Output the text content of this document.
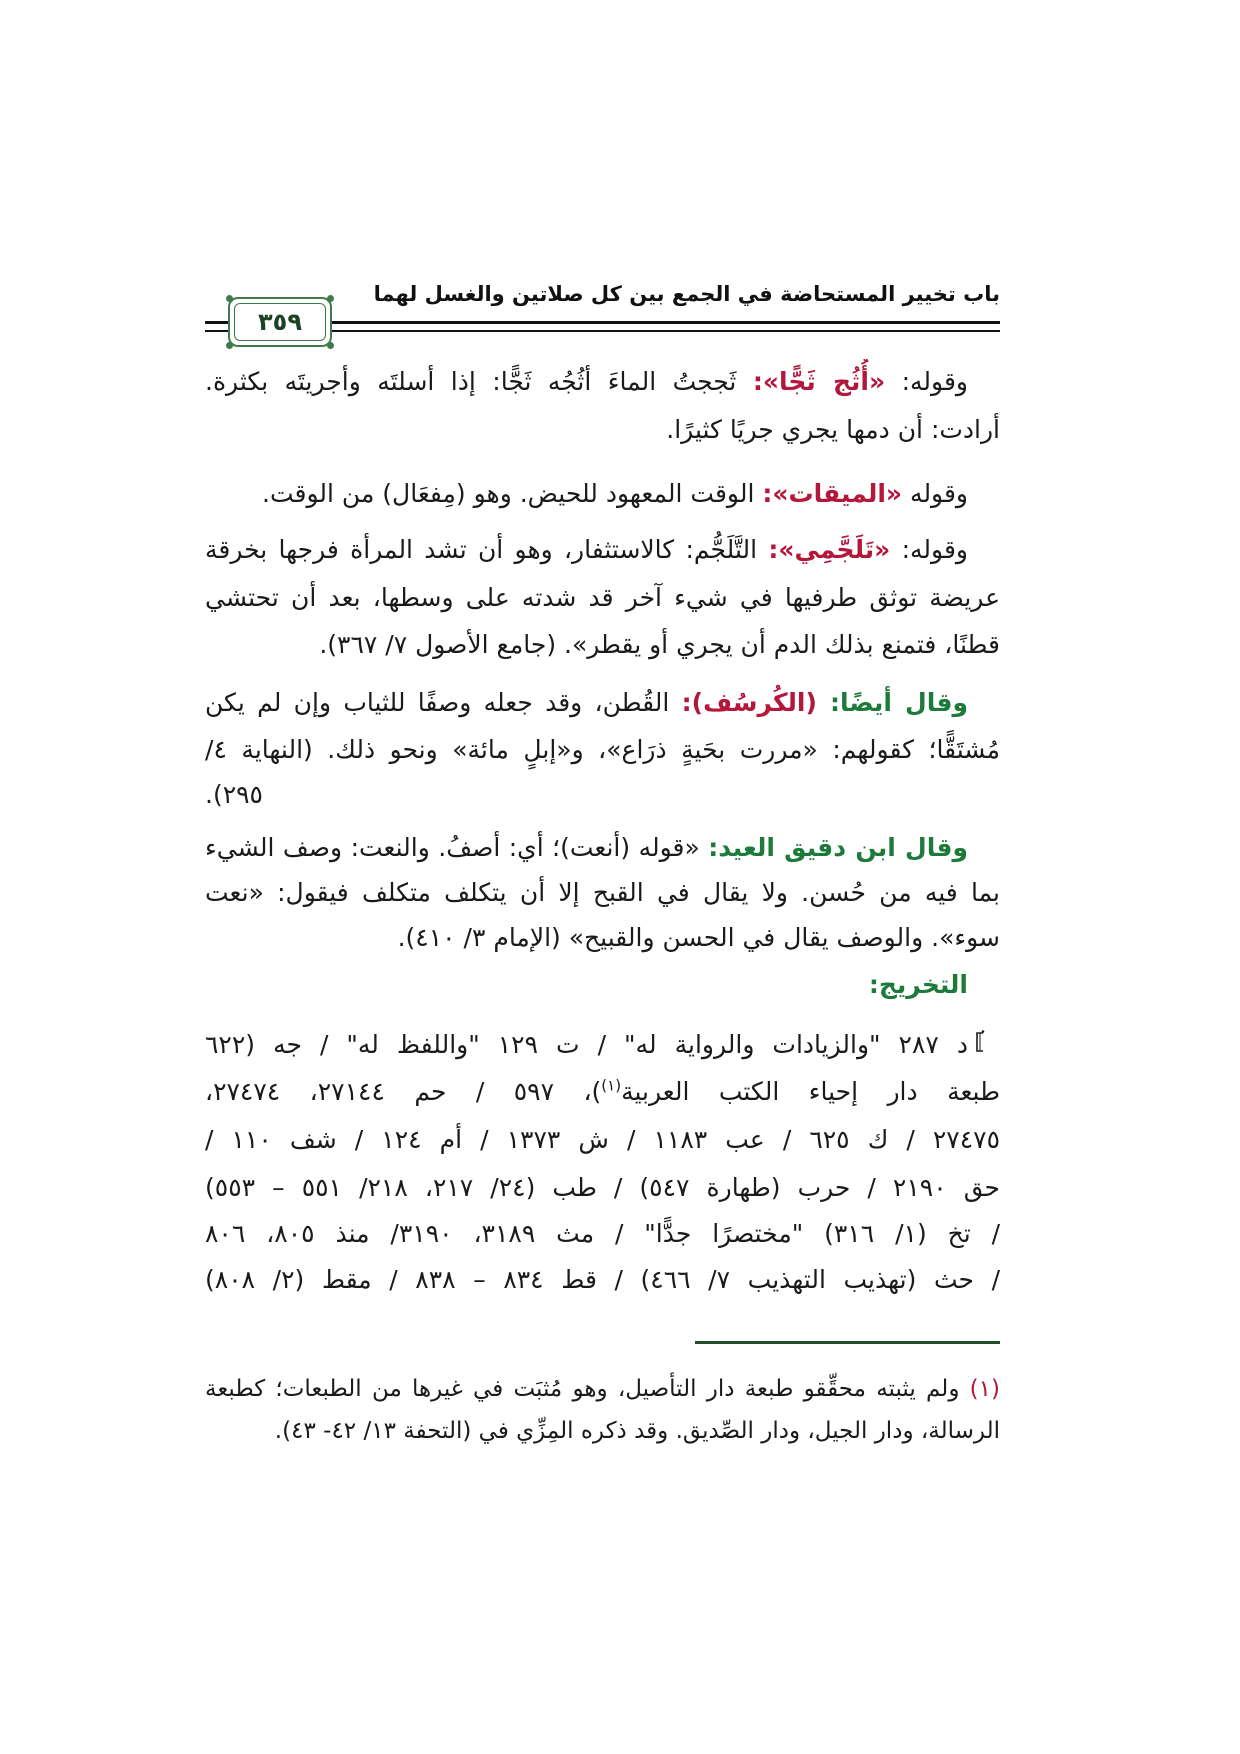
باب تخيير المستحاضة في الجمع بين كل صلاتين والغسل لهما
٣٥٩
وقوله: «أُثُج ثَجًّا»: ثَججتُ الماءَ أثُجُه ثَجًّا: إذا أسلتَه وأجريتَه بكثرة.
أرادت: أن دمها يجري جريًا كثيرًا.
وقوله «الميقات»: الوقت المعهود للحيض. وهو (مِفعَال) من الوقت.
وقوله: «تَلَجَّمِي»: التَّلَجُّم: كالاستثفار، وهو أن تشد المرأة فرجها بخرقة
عريضة توثق طرفيها في شيء آخر قد شدته على وسطها، بعد أن تحتشي
قطنًا، فتمنع بذلك الدم أن يجري أو يقطر». (جامع الأصول ٧/ ٣٦٧).
وقال أيضًا: (الكُرسُف): القُطن، وقد جعله وصفًا للثياب وإن لم يكن
مُشتَقًّا؛ كقولهم: «مررت بحَيةٍ ذرَاع»، و«إبلٍ مائة» ونحو ذلك. (النهاية ٤/
٢٩٥).
وقال ابن دقيق العيد: «قوله (أنعت)؛ أي: أصفُ. والنعت: وصف الشيء
بما فيه من حُسن. ولا يقال في القبح إلا أن يتكلف متكلف فيقول: «نعت
سوء». والوصف يقال في الحسن والقبيح» (الإمام ٣/ ٤١٠).
التخريج:
د ٢٨٧ "والزيادات والرواية له" / ت ١٢٩ "واللفظ له" / جه (٦٢٢
طبعة دار إحياء الكتب العربية$^{(١)}$)، ٥٩٧ / حم ٢٧١٤٤، ٢٧٤٧٤،
٢٧٤٧٥ / ك ٦٢٥ / عب ١١٨٣ / ش ١٣٧٣ / أم ١٢٤ / شف ١١٠ /
حق ٢١٩٠ / حرب (طهارة ٥٤٧) / طب (٢٤/ ٢١٧، ٢١٨/ ٥٥١ – ٥٥٣)
/ تخ (١/ ٣١٦) "مختصرًا جدًّا" / مث ٣١٨٩، ٣١٩٠/ منذ ٨٠٥، ٨٠٦
/ حث (تهذيب التهذيب ٧/ ٤٦٦) / قط ٨٣٤ – ٨٣٨ / مقط (٢/ ٨٠٨)
(١) ولم يثبته محقِّقو طبعة دار التأصيل، وهو مُثبَت في غيرها من الطبعات؛ كطبعة
الرسالة، ودار الجيل، ودار الصِّديق. وقد ذكره المِزِّي في (التحفة ١٣/ ٤٢- ٤٣).
